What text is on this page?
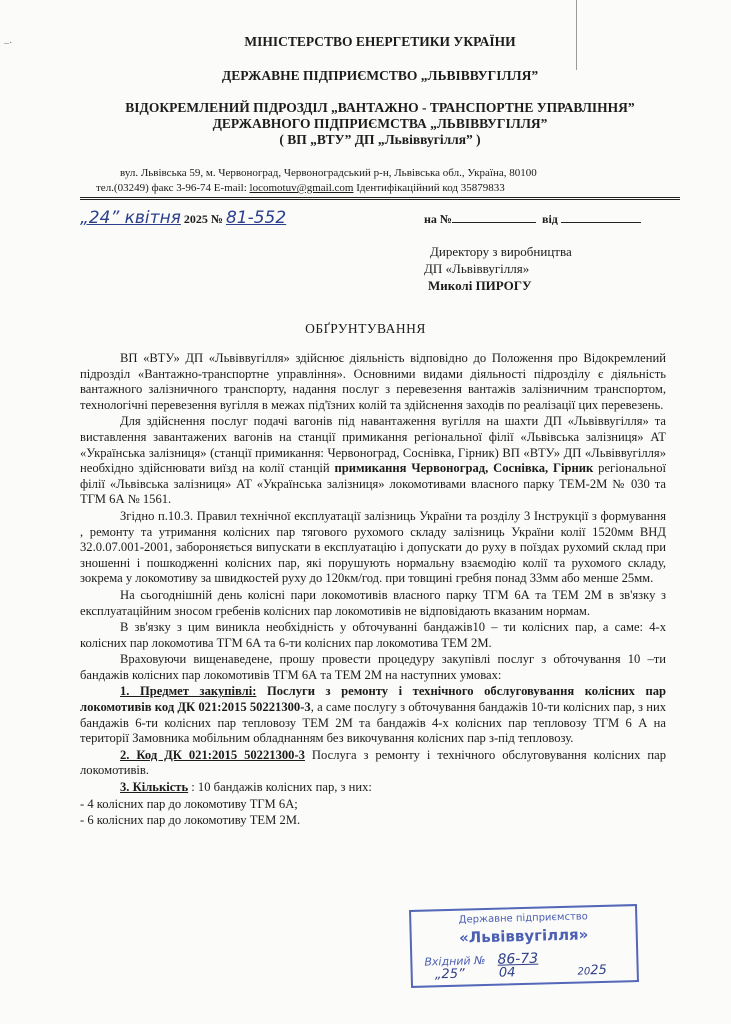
–·	МІНІСТЕРСТВО ЕНЕРГЕТИКИ УКРАЇНИ
ДЕРЖАВНЕ ПІДПРИЄМСТВО „ЛЬВІВВУГІЛЛЯ”
ВІДОКРЕМЛЕНИЙ ПІДРОЗДІЛ „ВАНТАЖНО - ТРАНСПОРТНЕ УПРАВЛІННЯ”
ДЕРЖАВНОГО ПІДПРИЄМСТВА „ЛЬВІВВУГІЛЛЯ”
( ВП „ВТУ” ДП „Львіввугілля” )
вул. Львівська 59, м. Червоноград, Червоноградський р-н, Львівська обл., Україна, 80100
тел.(03249) факс 3-96-74 E-mail: locomotuv@gmail.com Ідентифікаційний код 35879833
„24” квітня 2025 № 81-552	на №	від
Директору з виробництва
ДП «Львіввугілля»
Миколі ПИРОГУ
ОБҐРУНТУВАННЯ

ВП «ВТУ» ДП «Львіввугілля» здійснює діяльність відповідно до Положення про Відокремлений підрозділ «Вантажно-транспортне управління». Основними видами діяльності підрозділу є діяльність вантажного залізничного транспорту, надання послуг з перевезення вантажів залізничним транспортом, технологічні перевезення вугілля в межах під'їзних колій та здійснення заходів по реалізації цих перевезень.

Для здійснення послуг подачі вагонів під навантаження вугілля на шахти ДП «Львіввугілля» та виставлення завантажених вагонів на станції примикання регіональної філії «Львівська залізниця» АТ «Українська залізниця» (станції примикання: Червоноград, Соснівка, Гірник) ВП «ВТУ» ДП «Львіввугілля» необхідно здійснювати виїзд на колії станцій примикання Червоноград, Соснівка, Гірник регіональної філії «Львівська залізниця» АТ «Українська залізниця» локомотивами власного парку ТЕМ-2М № 030 та ТГМ 6А № 1561.

Згідно п.10.3. Правил технічної експлуатації залізниць України та розділу 3 Інструкції з формування , ремонту та утримання колісних пар тягового рухомого складу залізниць України колії 1520мм ВНД 32.0.07.001-2001, забороняється випускати в експлуатацію і допускати до руху в поїздах рухомий склад при зношенні і пошкодженні колісних пар, які порушують нормальну взаємодію колії та рухомого складу, зокрема у локомотиву за швидкостей руху до 120км/год. при товщині гребня понад 33мм або менше 25мм.

На сьогоднішній день колісні пари локомотивів власного парку ТГМ 6А та ТЕМ 2М в зв'язку з експлуатаційним зносом гребенів колісних пар локомотивів не відповідають вказаним нормам.

В зв'язку з цим виникла необхідність у обточуванні бандажів10 – ти колісних пар, а саме: 4-х колісних пар локомотива ТГМ 6А та 6-ти колісних пар локомотива ТЕМ 2М.

Враховуючи вищенаведене, прошу провести процедуру закупівлі послуг з обточування 10 –ти бандажів колісних пар локомотивів ТГМ 6А та ТЕМ 2М на наступних умовах:

1. Предмет закупівлі: Послуги з ремонту і технічного обслуговування колісних пар локомотивів код ДК 021:2015 50221300-3, а саме послугу з обточування бандажів 10-ти колісних пар, з них бандажів 6-ти колісних пар тепловозу ТЕМ 2М та бандажів 4-х колісних пар тепловозу ТГМ 6 А на території Замовника мобільним обладнанням без викочування колісних пар з-під тепловозу.

2. Код ДК 021:2015 50221300-3 Послуга з ремонту і технічного обслуговування колісних пар локомотивів.

3. Кількість : 10 бандажів колісних пар, з них:

- 4 колісних пар до локомотиву ТГМ 6А;

- 6 колісних пар до локомотиву ТЕМ 2М.

Державне підприємство
«Львіввугілля»
Вхідний № 86-73
„25”	04	2025
